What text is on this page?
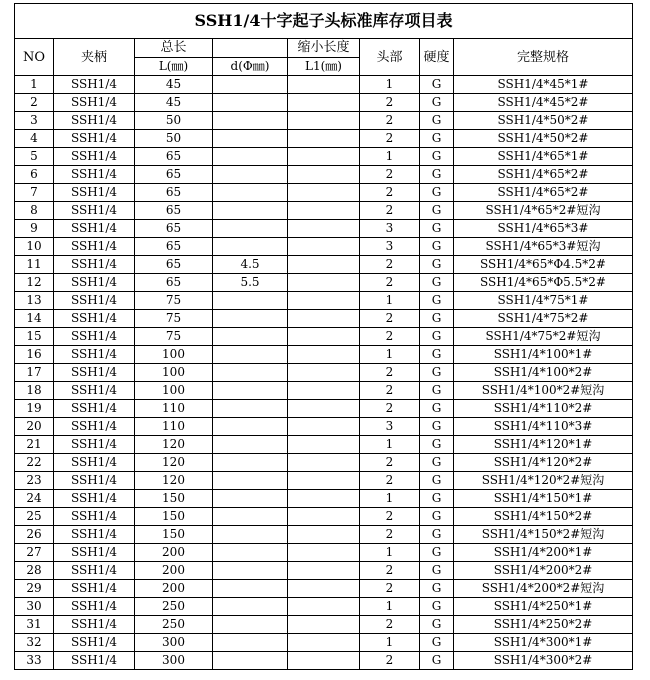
SSH1/4十字起子头标准库存项目表							
NO	夹柄	总长		缩小长度	头部	硬度	完整规格
		L(㎜)	d(Φ㎜)	L1(㎜)			
1	SSH1/4	45			1	G	SSH1/4*45*1#
2	SSH1/4	45			2	G	SSH1/4*45*2#
3	SSH1/4	50			2	G	SSH1/4*50*2#
4	SSH1/4	50			2	G	SSH1/4*50*2#
5	SSH1/4	65			1	G	SSH1/4*65*1#
6	SSH1/4	65			2	G	SSH1/4*65*2#
7	SSH1/4	65			2	G	SSH1/4*65*2#
8	SSH1/4	65			2	G	SSH1/4*65*2#短沟
9	SSH1/4	65			3	G	SSH1/4*65*3#
10	SSH1/4	65			3	G	SSH1/4*65*3#短沟
11	SSH1/4	65	4.5		2	G	SSH1/4*65*Φ4.5*2#
12	SSH1/4	65	5.5		2	G	SSH1/4*65*Φ5.5*2#
13	SSH1/4	75			1	G	SSH1/4*75*1#
14	SSH1/4	75			2	G	SSH1/4*75*2#
15	SSH1/4	75			2	G	SSH1/4*75*2#短沟
16	SSH1/4	100			1	G	SSH1/4*100*1#
17	SSH1/4	100			2	G	SSH1/4*100*2#
18	SSH1/4	100			2	G	SSH1/4*100*2#短沟
19	SSH1/4	110			2	G	SSH1/4*110*2#
20	SSH1/4	110			3	G	SSH1/4*110*3#
21	SSH1/4	120			1	G	SSH1/4*120*1#
22	SSH1/4	120			2	G	SSH1/4*120*2#
23	SSH1/4	120			2	G	SSH1/4*120*2#短沟
24	SSH1/4	150			1	G	SSH1/4*150*1#
25	SSH1/4	150			2	G	SSH1/4*150*2#
26	SSH1/4	150			2	G	SSH1/4*150*2#短沟
27	SSH1/4	200			1	G	SSH1/4*200*1#
28	SSH1/4	200			2	G	SSH1/4*200*2#
29	SSH1/4	200			2	G	SSH1/4*200*2#短沟
30	SSH1/4	250			1	G	SSH1/4*250*1#
31	SSH1/4	250			2	G	SSH1/4*250*2#
32	SSH1/4	300			1	G	SSH1/4*300*1#
33	SSH1/4	300			2	G	SSH1/4*300*2#
